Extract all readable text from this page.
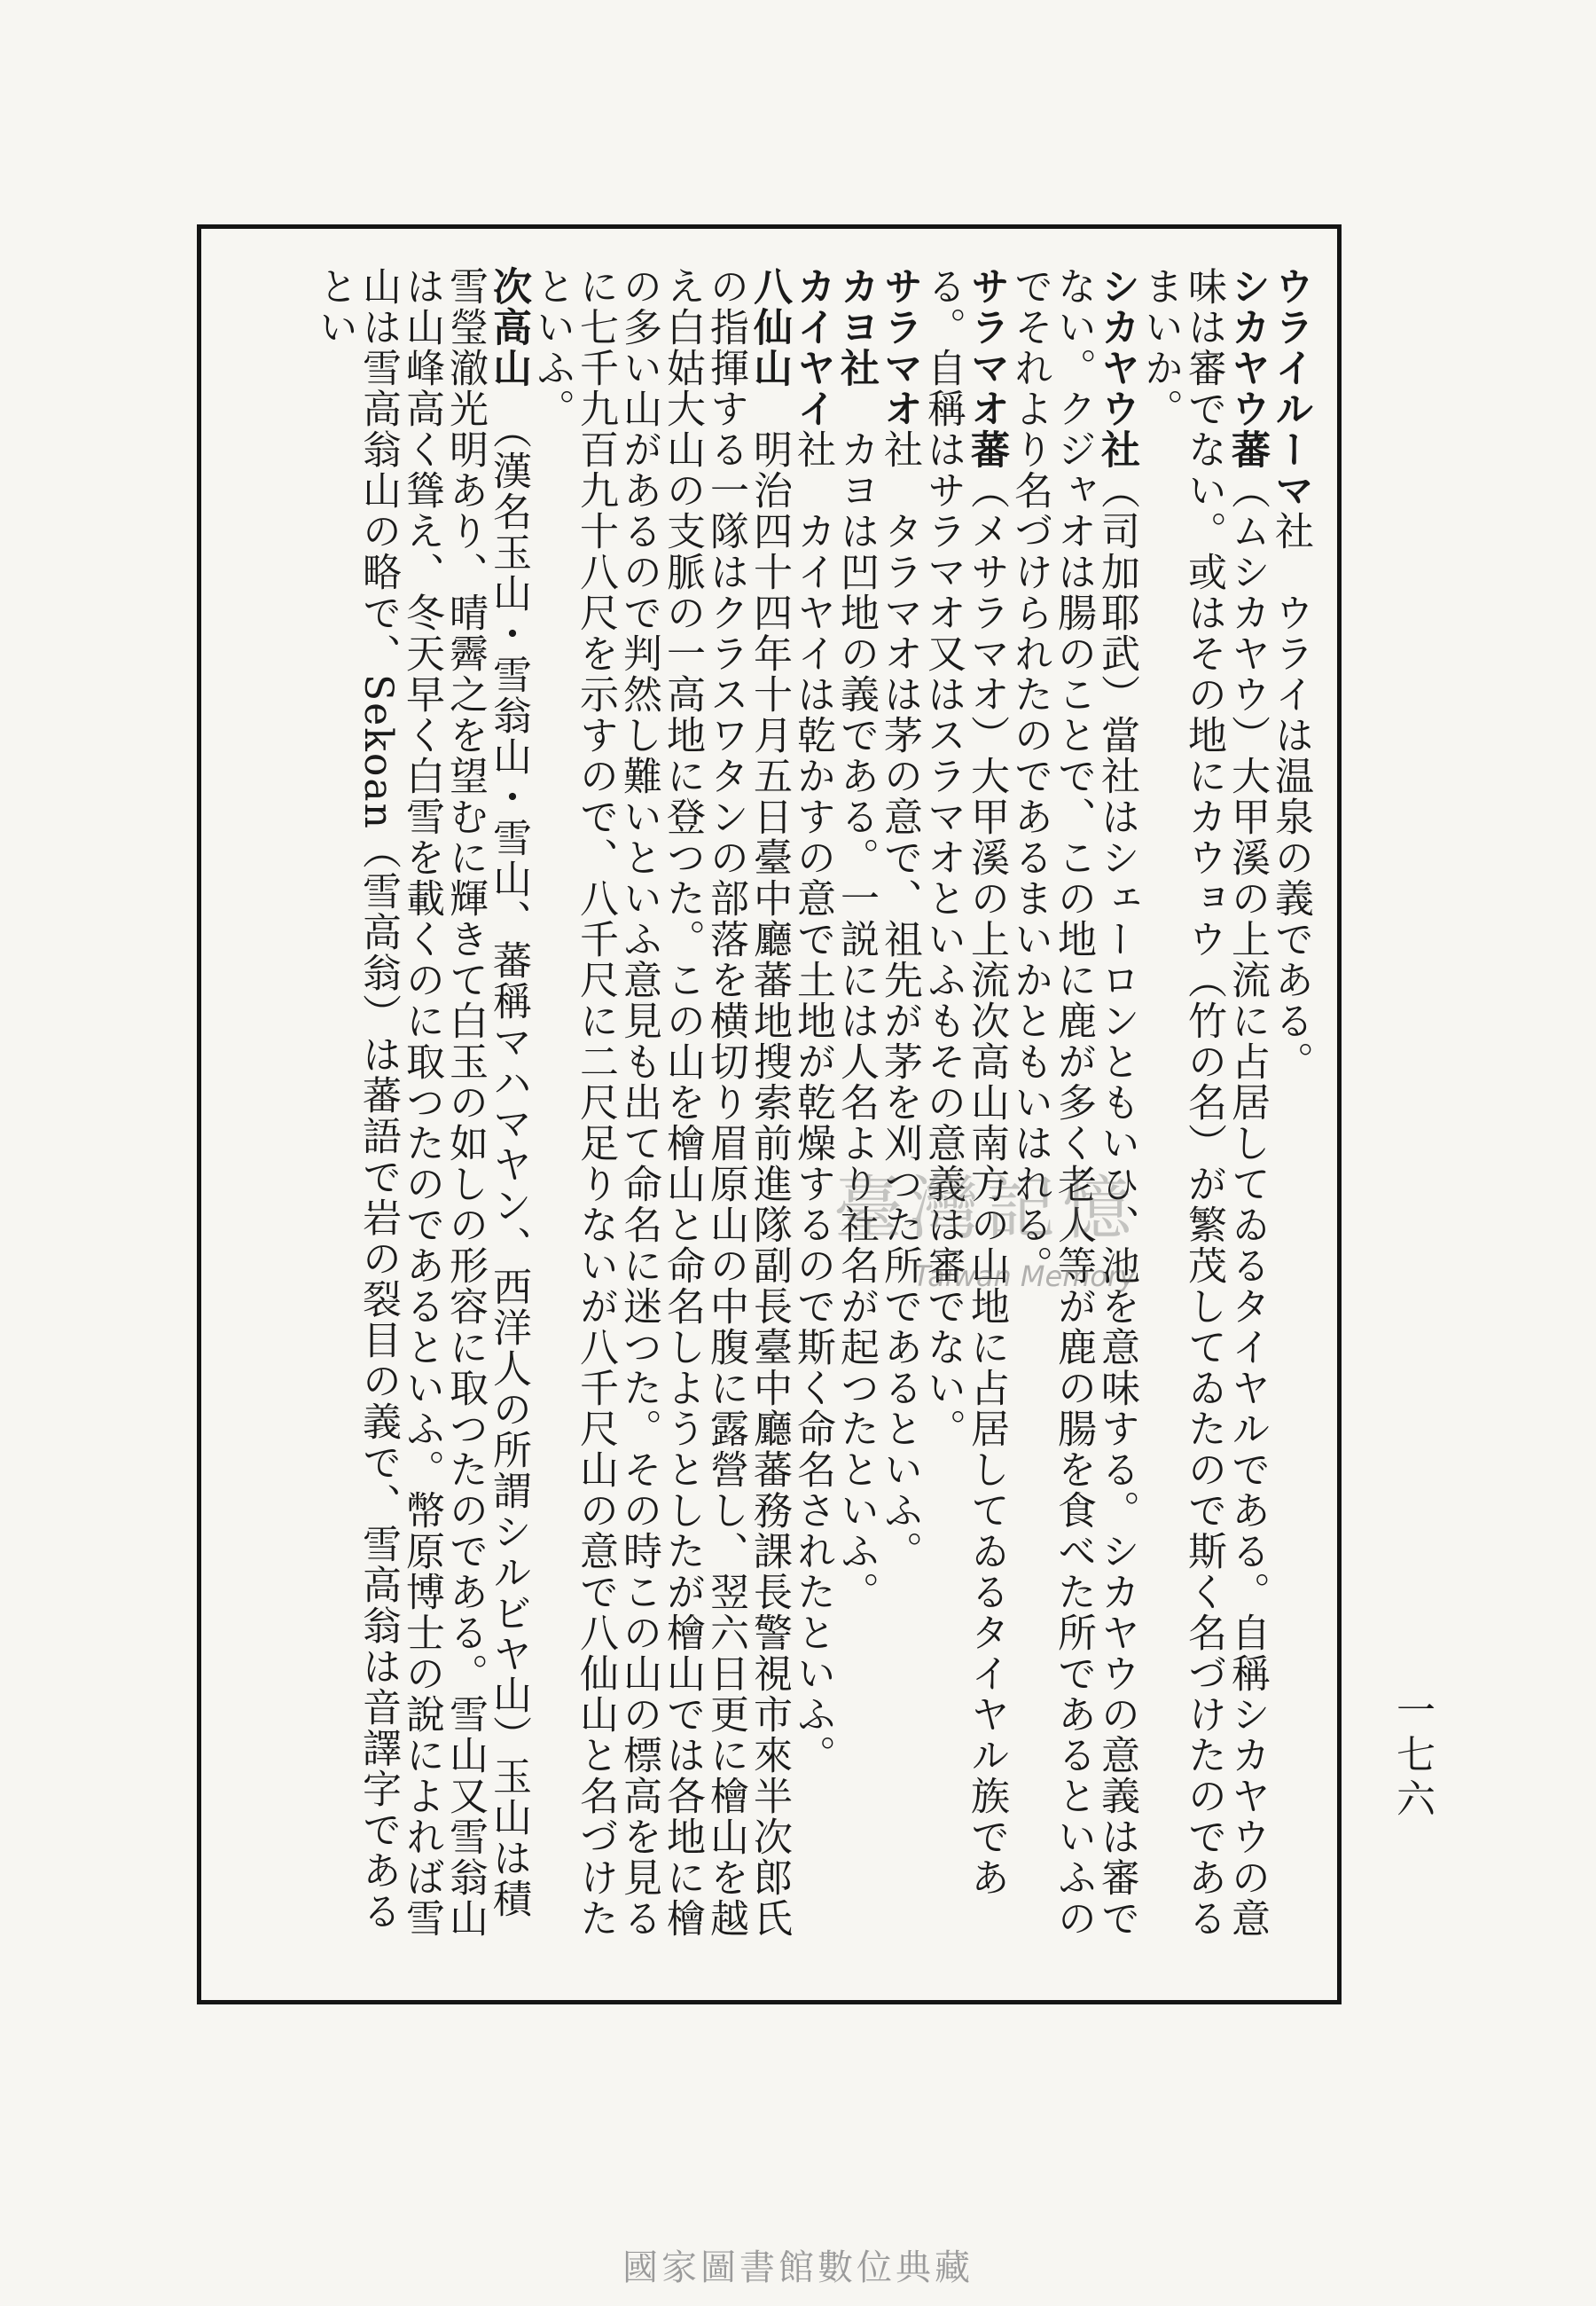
ウライルーマ社　ウライは温泉の義である。

シカヤウ蕃（ムシカヤウ）大甲溪の上流に占居してゐるタイヤルである。自稱シカヤウの意味は審でない。或はその地にカウョウ（竹の名）が繁茂してゐたので斯く名づけたのであるまいか。

シカヤウ社（司加耶武）當社はシェーロンともいひ、池を意味する。シカヤウの意義は審でない。クジャオは腸のことで、この地に鹿が多く老人等が鹿の腸を食べた所であるといふのでそれより名づけられたのであるまいかともいはれる。

サラマオ蕃（メサラマオ）大甲溪の上流次高山南方の山地に占居してゐるタイヤル族である。自稱はサラマオ又はスラマオといふもその意義は審でない。

サラマオ社　タラマオは茅の意で、祖先が茅を刈つた所であるといふ。

カヨ社　カヨは凹地の義である。一説には人名より社名が起つたといふ。

カイヤイ社　カイヤイは乾かすの意で土地が乾燥するので斯く命名されたといふ。

八仙山　明治四十四年十月五日臺中廳蕃地搜索前進隊副長臺中廳蕃務課長警視市來半次郎氏の指揮する一隊はクラスワタンの部落を横切り眉原山の中腹に露營し、翌六日更に檜山を越え白姑大山の支脈の一高地に登つた。この山を檜山と命名しようとしたが檜山では各地に檜の多い山があるので判然し難いといふ意見も出て命名に迷つた。その時この山の標高を見るに七千九百九十八尺を示すので、八千尺に二尺足りないが八千尺山の意で八仙山と名づけたといふ。

次高山　（漢名玉山・雪翁山・雪山、蕃稱マハマヤン、西洋人の所謂シルビヤ山）玉山は積雪瑩澈光明あり、晴霽之を望むに輝きて白玉の如しの形容に取つたのである。雪山又雪翁山は山峰高く聳え、冬天早く白雪を載くのに取つたのであるといふ。幣原博士の說によれば雪山は雪高翁山の略で、Sekoan（雪高翁）は蕃語で岩の裂目の義で、雪高翁は音譯字であるとい

一七六
臺灣記憶
Taiwan Memory
國家圖書館數位典藏
